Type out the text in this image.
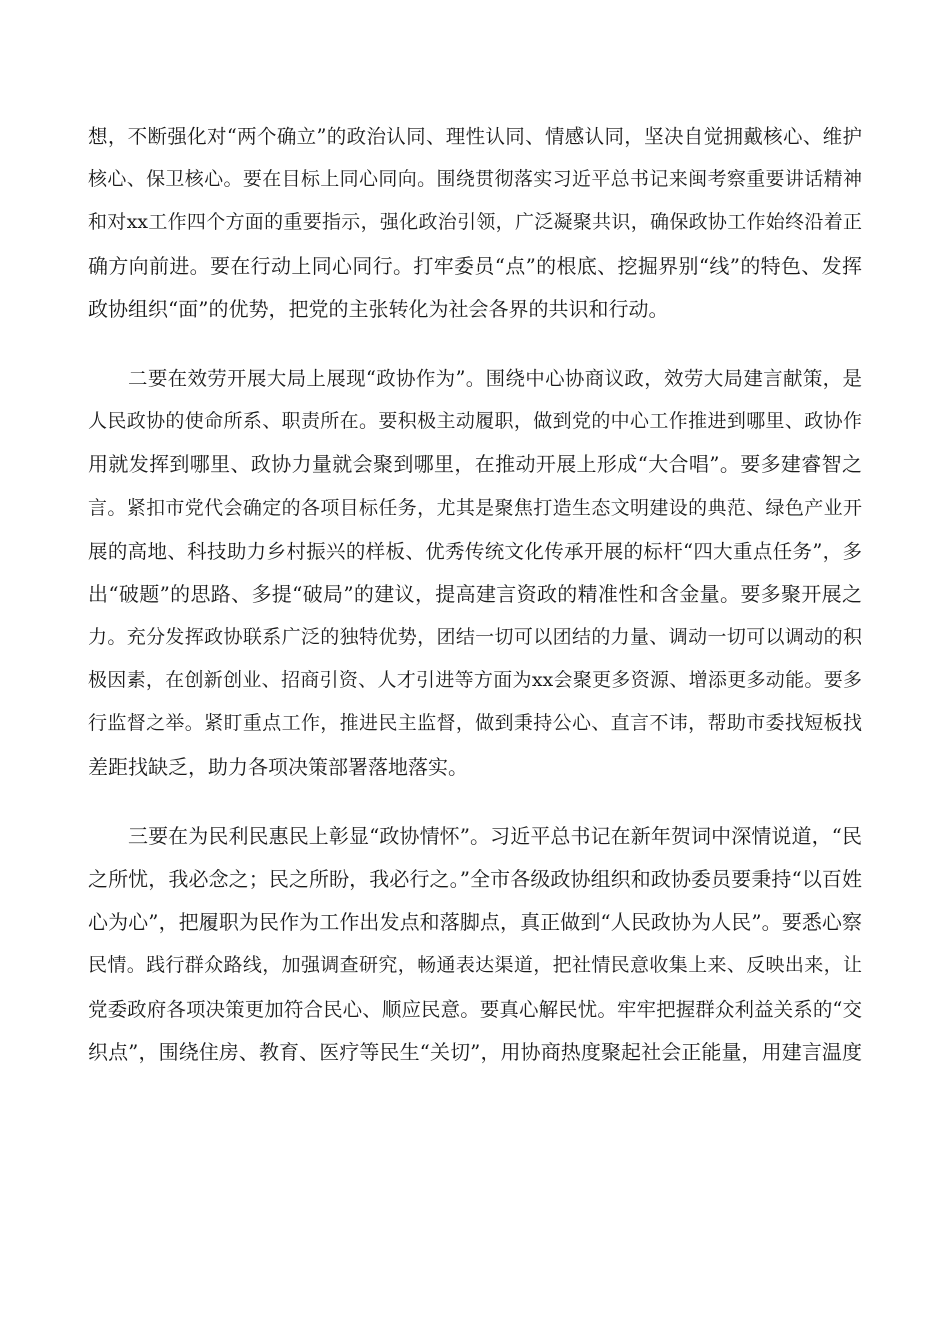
想，不断强化对“两个确立”的政治认同、理性认同、情感认同，坚决自觉拥戴核心、维护
核心、保卫核心。要在目标上同心同向。围绕贯彻落实习近平总书记来闽考察重要讲话精神
和对xx工作四个方面的重要指示，强化政治引领，广泛凝聚共识，确保政协工作始终沿着正
确方向前进。要在行动上同心同行。打牢委员“点”的根底、挖掘界别“线”的特色、发挥
政协组织“面”的优势，把党的主张转化为社会各界的共识和行动。
二要在效劳开展大局上展现“政协作为”。围绕中心协商议政，效劳大局建言献策，是
人民政协的使命所系、职责所在。要积极主动履职，做到党的中心工作推进到哪里、政协作
用就发挥到哪里、政协力量就会聚到哪里，在推动开展上形成“大合唱”。要多建睿智之
言。紧扣市党代会确定的各项目标任务，尤其是聚焦打造生态文明建设的典范、绿色产业开
展的高地、科技助力乡村振兴的样板、优秀传统文化传承开展的标杆“四大重点任务”，多
出“破题”的思路、多提“破局”的建议，提高建言资政的精准性和含金量。要多聚开展之
力。充分发挥政协联系广泛的独特优势，团结一切可以团结的力量、调动一切可以调动的积
极因素，在创新创业、招商引资、人才引进等方面为xx会聚更多资源、增添更多动能。要多
行监督之举。紧盯重点工作，推进民主监督，做到秉持公心、直言不讳，帮助市委找短板找
差距找缺乏，助力各项决策部署落地落实。
三要在为民利民惠民上彰显“政协情怀”。习近平总书记在新年贺词中深情说道，“民
之所忧，我必念之；民之所盼，我必行之。”全市各级政协组织和政协委员要秉持“以百姓
心为心”，把履职为民作为工作出发点和落脚点，真正做到“人民政协为人民”。要悉心察
民情。践行群众路线，加强调查研究，畅通表达渠道，把社情民意收集上来、反映出来，让
党委政府各项决策更加符合民心、顺应民意。要真心解民忧。牢牢把握群众利益关系的“交
织点”，围绕住房、教育、医疗等民生“关切”，用协商热度聚起社会正能量，用建言温度
